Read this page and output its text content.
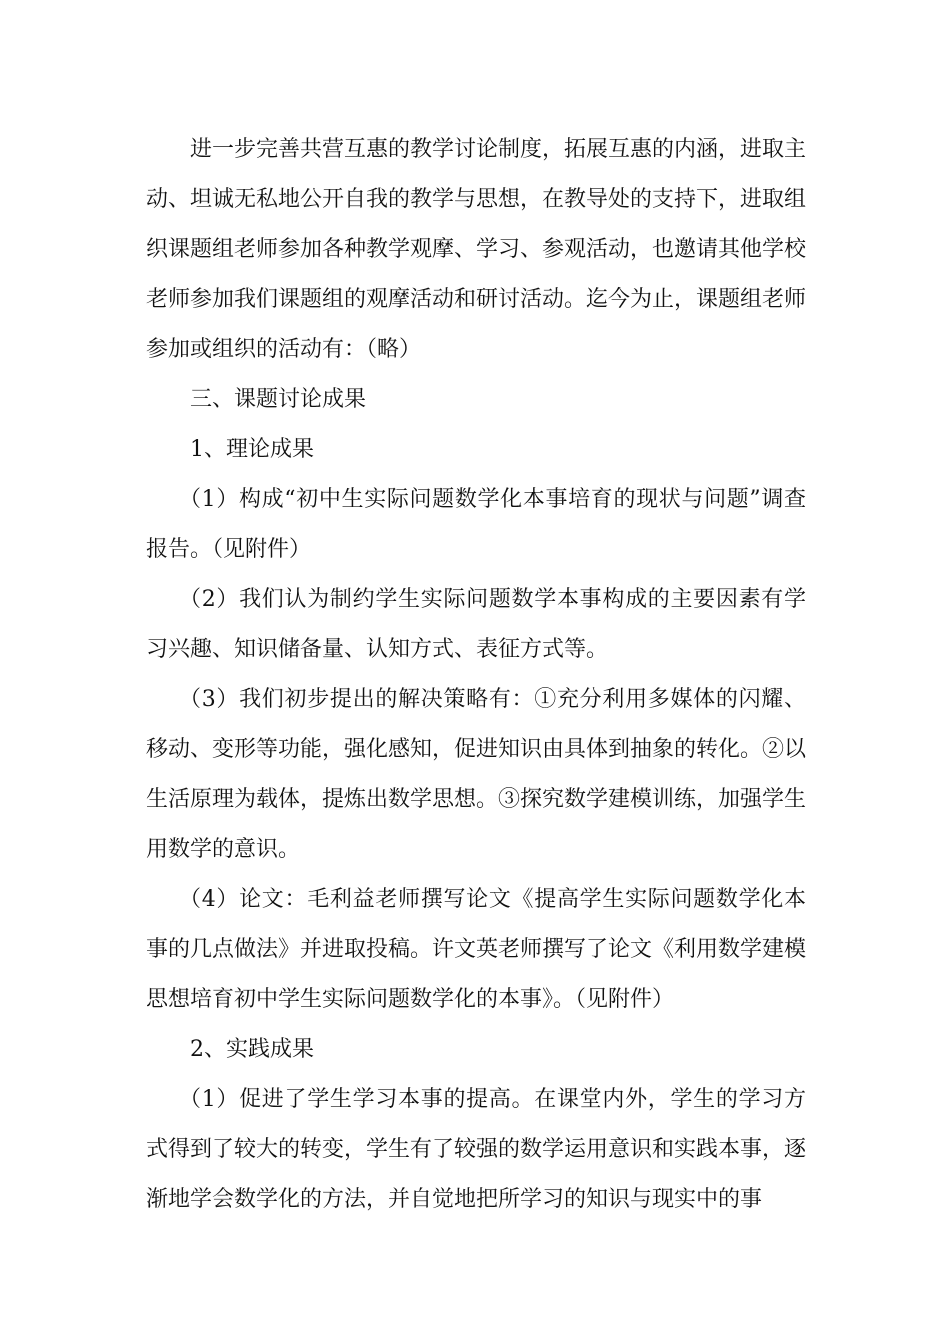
进一步完善共营互惠的教学讨论制度，拓展互惠的内涵，进取主动、坦诚无私地公开自我的教学与思想，在教导处的支持下，进取组织课题组老师参加各种教学观摩、学习、参观活动，也邀请其他学校老师参加我们课题组的观摩活动和研讨活动。迄今为止，课题组老师参加或组织的活动有：（略）

三、课题讨论成果

1、理论成果

（1）构成“初中生实际问题数学化本事培育的现状与问题”调查报告。（见附件）

（2）我们认为制约学生实际问题数学本事构成的主要因素有学习兴趣、知识储备量、认知方式、表征方式等。

（3）我们初步提出的解决策略有：①充分利用多媒体的闪耀、移动、变形等功能，强化感知，促进知识由具体到抽象的转化。②以生活原理为载体，提炼出数学思想。③探究数学建模训练，加强学生用数学的意识。

（4）论文：毛利益老师撰写论文《提高学生实际问题数学化本事的几点做法》并进取投稿。许文英老师撰写了论文《利用数学建模思想培育初中学生实际问题数学化的本事》。（见附件）

2、实践成果

（1）促进了学生学习本事的提高。在课堂内外，学生的学习方式得到了较大的转变，学生有了较强的数学运用意识和实践本事，逐渐地学会数学化的方法，并自觉地把所学习的知识与现实中的事
